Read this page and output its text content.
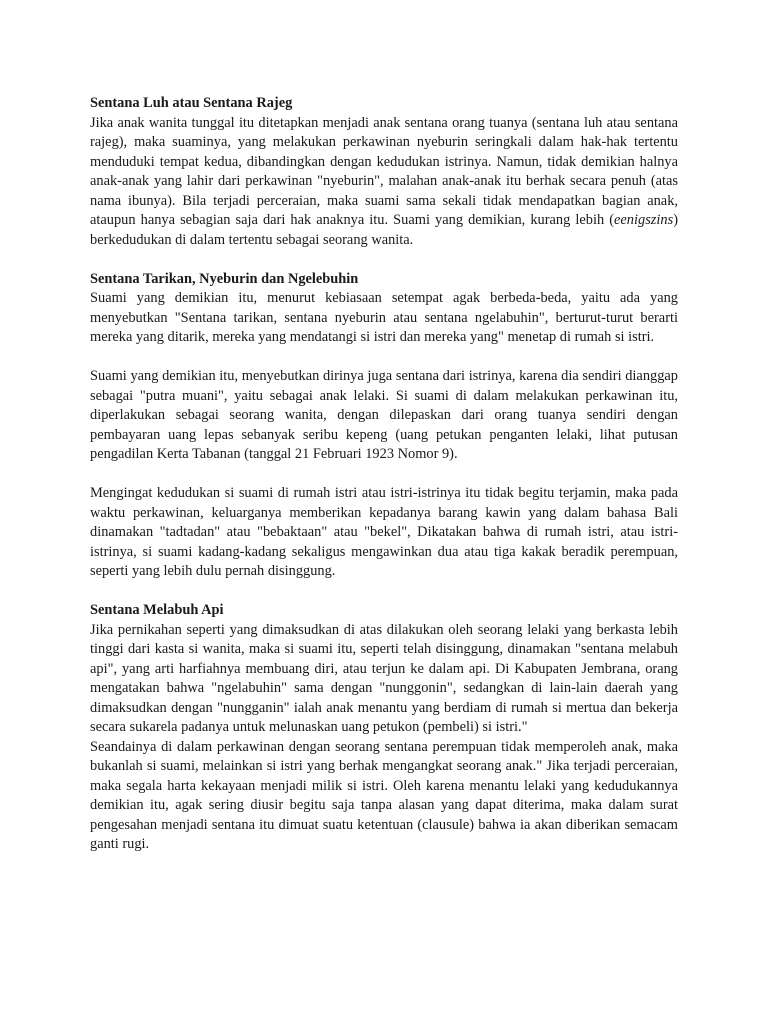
Sentana Luh atau Sentana Rajeg

Jika anak wanita tunggal itu ditetapkan menjadi anak sentana orang tuanya (sentana luh atau sentana rajeg), maka suaminya, yang melakukan perkawinan nyeburin seringkali dalam hak-hak tertentu menduduki tempat kedua, dibandingkan dengan kedudukan istrinya. Namun, tidak demikian halnya anak-anak yang lahir dari perkawinan "nyeburin", malahan anak-anak itu berhak secara penuh (atas nama ibunya). Bila terjadi perceraian, maka suami sama sekali tidak mendapatkan bagian anak, ataupun hanya sebagian saja dari hak anaknya itu. Suami yang demikian, kurang lebih (eenigszins) berkedudukan di dalam tertentu sebagai seorang wanita.

Sentana Tarikan, Nyeburin dan Ngelebuhin

Suami yang demikian itu, menurut kebiasaan setempat agak berbeda-beda, yaitu ada yang menyebutkan "Sentana tarikan, sentana nyeburin atau sentana ngelabuhin", berturut-turut berarti mereka yang ditarik, mereka yang mendatangi si istri dan mereka yang" menetap di rumah si istri.

Suami yang demikian itu, menyebutkan dirinya juga sentana dari istrinya, karena dia sendiri dianggap sebagai "putra muani", yaitu sebagai anak lelaki. Si suami di dalam melakukan perkawinan itu, diperlakukan sebagai seorang wanita, dengan dilepaskan dari orang tuanya sendiri dengan pembayaran uang lepas sebanyak seribu kepeng (uang petukan penganten lelaki, lihat putusan pengadilan Kerta Tabanan (tanggal 21 Februari 1923 Nomor 9).

Mengingat kedudukan si suami di rumah istri atau istri-istrinya itu tidak begitu terjamin, maka pada waktu perkawinan, keluarganya memberikan kepadanya barang kawin yang dalam bahasa Bali dinamakan "tadtadan" atau "bebaktaan" atau "bekel", Dikatakan bahwa di rumah istri, atau istri-istrinya, si suami kadang-kadang sekaligus mengawinkan dua atau tiga kakak beradik perempuan, seperti yang lebih dulu pernah disinggung.

Sentana Melabuh Api

Jika pernikahan seperti yang dimaksudkan di atas dilakukan oleh seorang lelaki yang berkasta lebih tinggi dari kasta si wanita, maka si suami itu, seperti telah disinggung, dinamakan "sentana melabuh api", yang arti harfiahnya membuang diri, atau terjun ke dalam api. Di Kabupaten Jembrana, orang mengatakan bahwa "ngelabuhin" sama dengan "nunggonin", sedangkan di lain-lain daerah yang dimaksudkan dengan "nungganin" ialah anak menantu yang berdiam di rumah si mertua dan bekerja secara sukarela padanya untuk melunaskan uang petukon (pembeli) si istri."

Seandainya di dalam perkawinan dengan seorang sentana perempuan tidak memperoleh anak, maka bukanlah si suami, melainkan si istri yang berhak mengangkat seorang anak." Jika terjadi perceraian, maka segala harta kekayaan menjadi milik si istri. Oleh karena menantu lelaki yang kedudukannya demikian itu, agak sering diusir begitu saja tanpa alasan yang dapat diterima, maka dalam surat pengesahan menjadi sentana itu dimuat suatu ketentuan (clausule) bahwa ia akan diberikan semacam ganti rugi.
